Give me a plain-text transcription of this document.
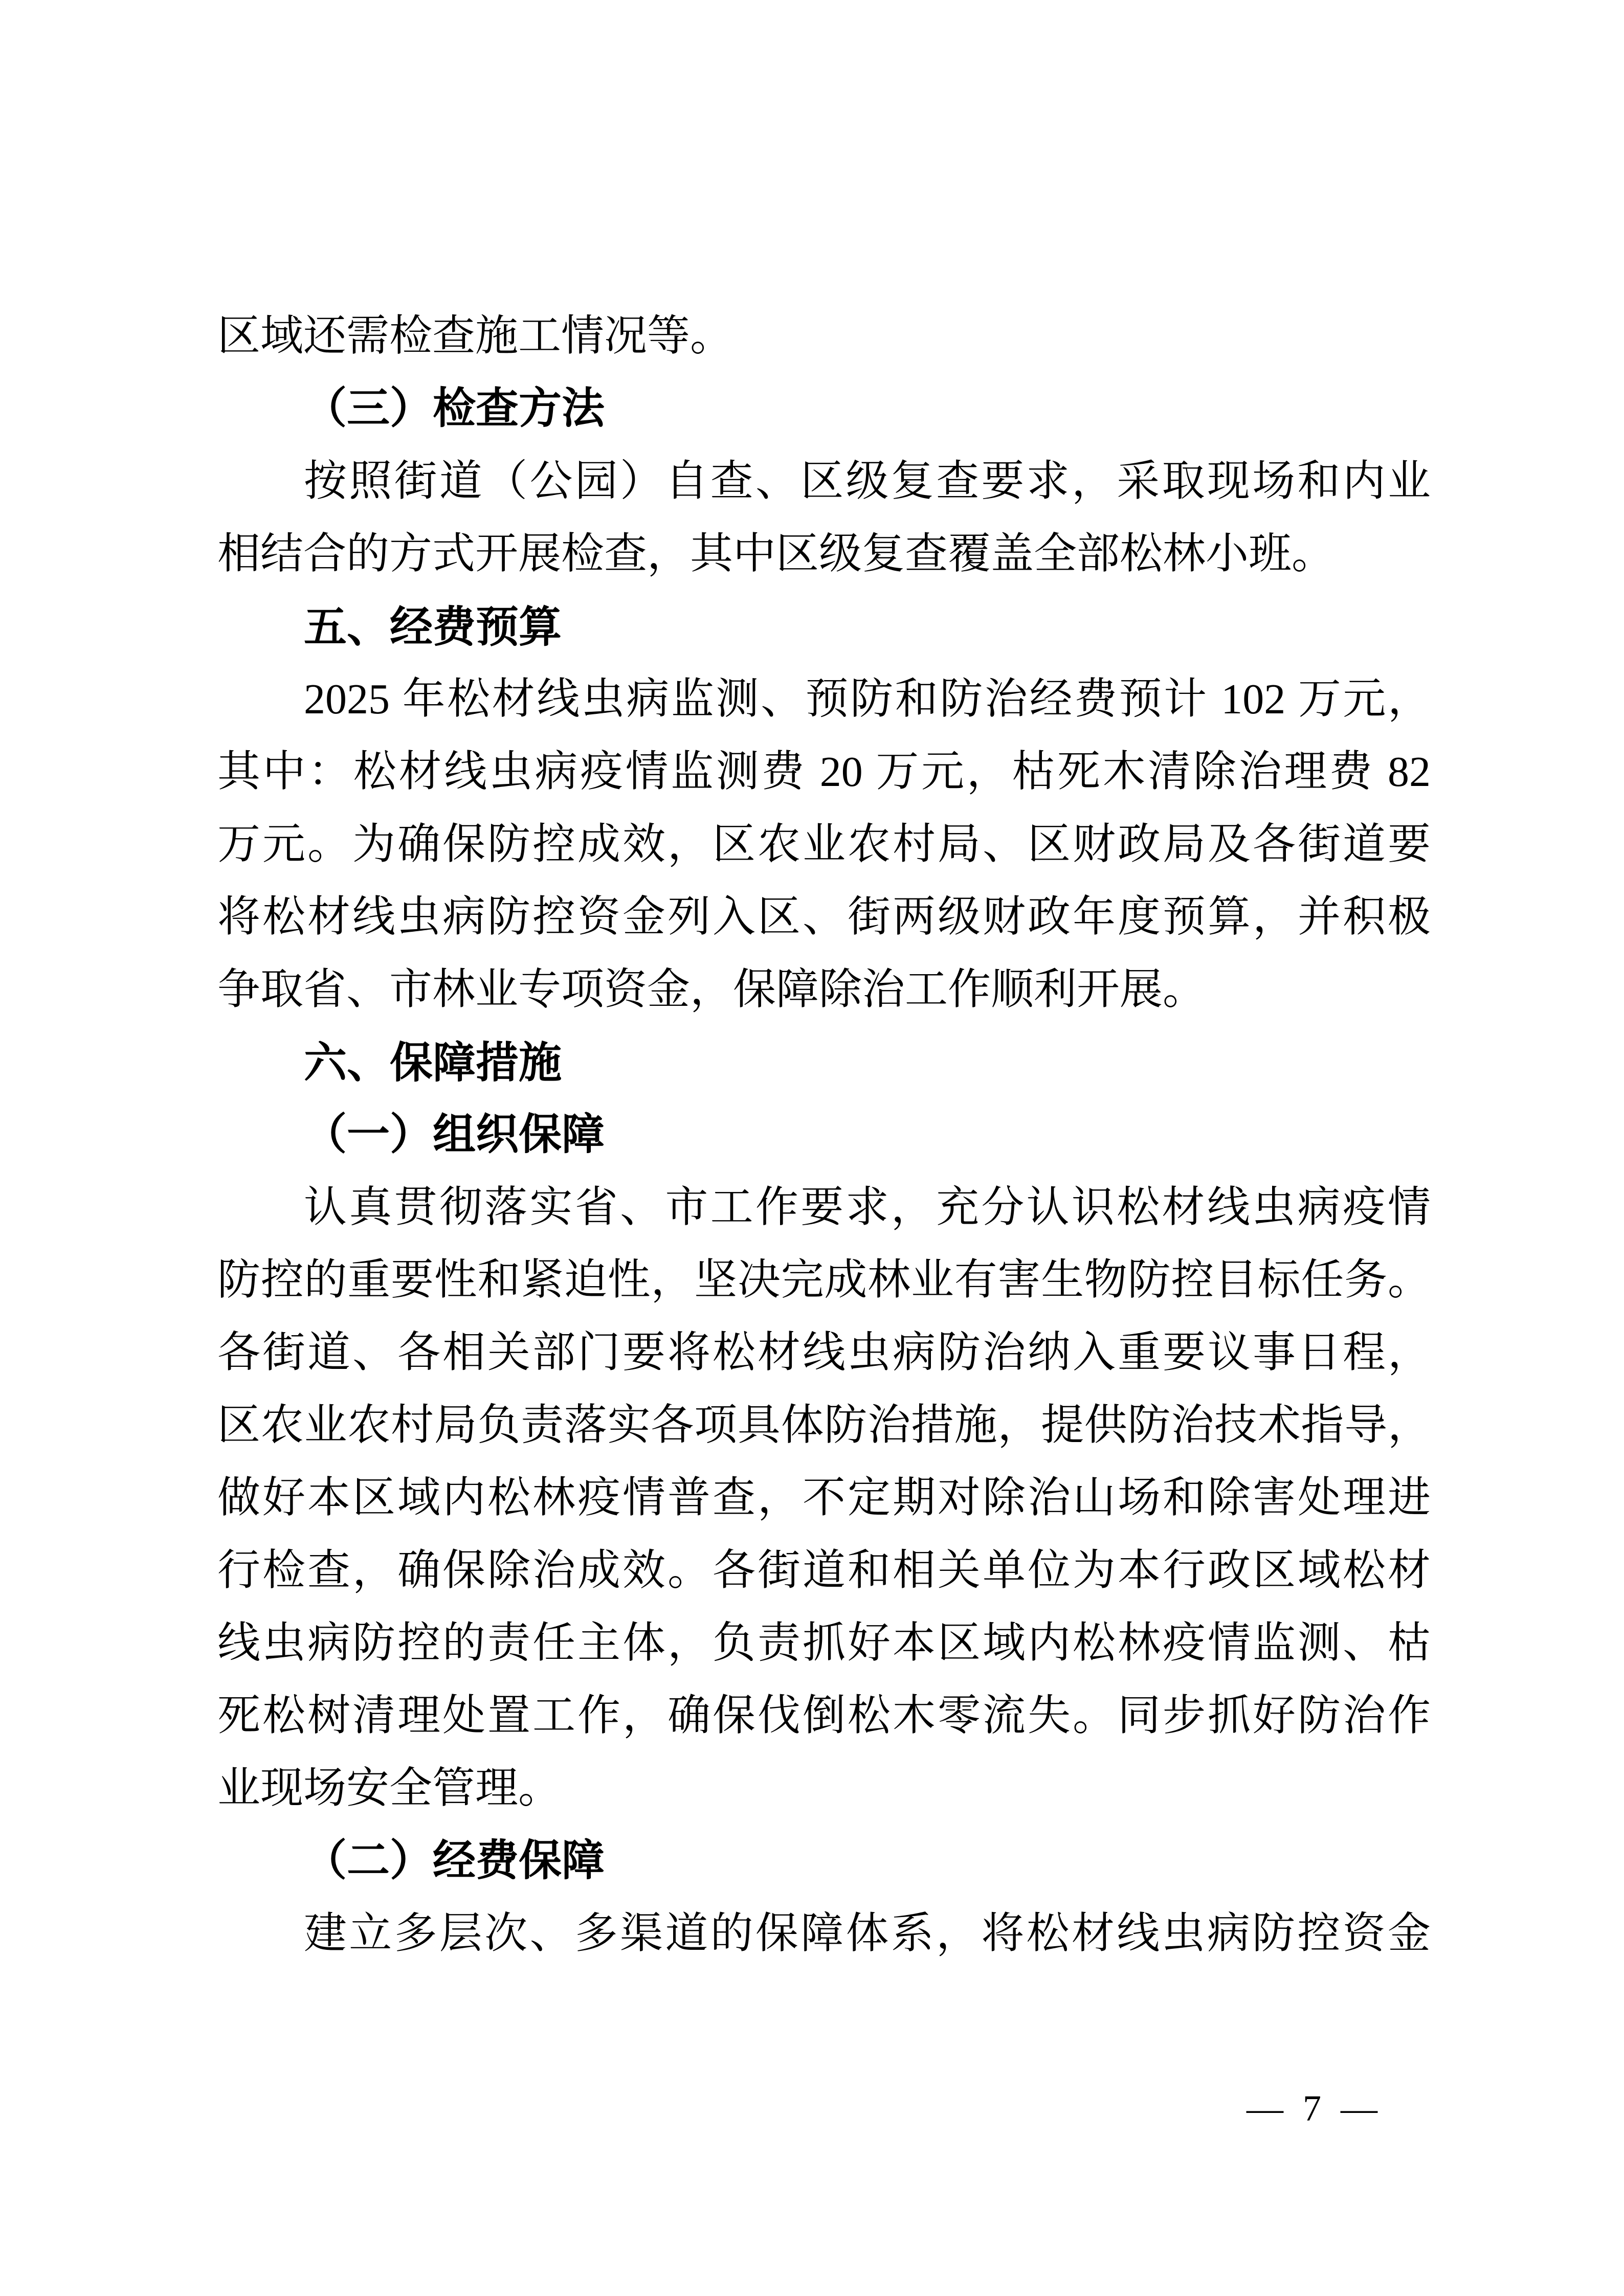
区域还需检查施工情况等。
（三）检查方法
按照街道（公园）自查、区级复查要求，采取现场和内业
相结合的方式开展检查，其中区级复查覆盖全部松林小班。
五、经费预算
2025 年松材线虫病监测、预防和防治经费预计 102 万元，
其中：松材线虫病疫情监测费 20 万元，枯死木清除治理费 82
万元。为确保防控成效，区农业农村局、区财政局及各街道要
将松材线虫病防控资金列入区、街两级财政年度预算，并积极
争取省、市林业专项资金，保障除治工作顺利开展。
六、保障措施
（一）组织保障
认真贯彻落实省、市工作要求，充分认识松材线虫病疫情
防控的重要性和紧迫性，坚决完成林业有害生物防控目标任务。
各街道、各相关部门要将松材线虫病防治纳入重要议事日程，
区农业农村局负责落实各项具体防治措施，提供防治技术指导，
做好本区域内松林疫情普查，不定期对除治山场和除害处理进
行检查，确保除治成效。各街道和相关单位为本行政区域松材
线虫病防控的责任主体，负责抓好本区域内松林疫情监测、枯
死松树清理处置工作，确保伐倒松木零流失。同步抓好防治作
业现场安全管理。
（二）经费保障
建立多层次、多渠道的保障体系，将松材线虫病防控资金
— 7 —
